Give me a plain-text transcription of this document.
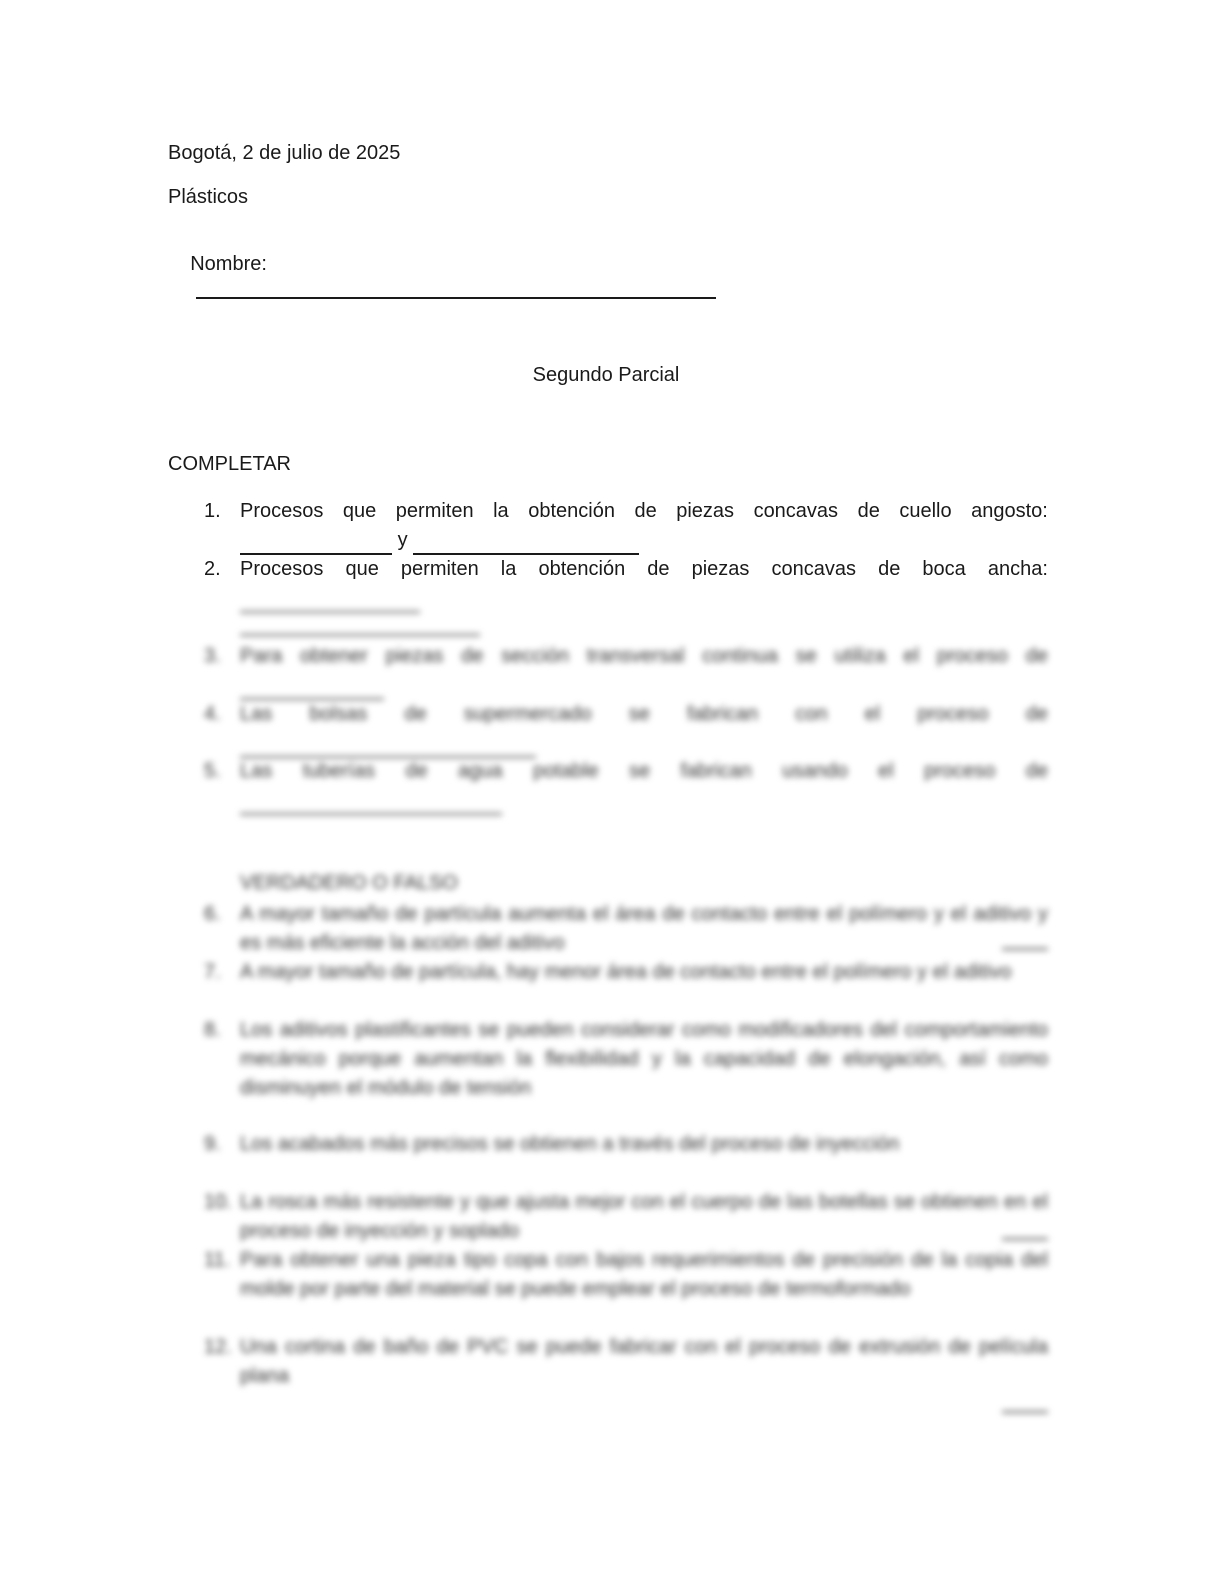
Bogotá, 2 de julio de 2025
Plásticos

Nombre:

Segundo Parcial
COMPLETAR
1. Procesos que permiten la obtención de piezas concavas de cuello angosto:
y
2. Procesos que permiten la obtención de piezas concavas de boca ancha:
3. Para obtener piezas de sección transversal continua se utiliza el proceso de
4. Las bolsas de supermercado se fabrican con el proceso de
5. Las tuberías de agua potable se fabrican usando el proceso de
VERDADERO O FALSO
6. A mayor tamaño de partícula aumenta el área de contacto entre el polímero y el aditivo y es más eficiente la acción del aditivo
7. A mayor tamaño de partícula, hay menor área de contacto entre el polímero y el aditivo
8. Los aditivos plastificantes se pueden considerar como modificadores del comportamiento mecánico porque aumentan la flexibilidad y la capacidad de elongación, así como disminuyen el módulo de tensión
9. Los acabados más precisos se obtienen a través del proceso de inyección
10. La rosca más resistente y que ajusta mejor con el cuerpo de las botellas se obtienen en el proceso de inyección y soplado
11. Para obtener una pieza tipo copa con bajos requerimientos de precisión de la copia del molde por parte del material se puede emplear el proceso de termoformado
12. Una cortina de baño de PVC se puede fabricar con el proceso de extrusión de película plana
